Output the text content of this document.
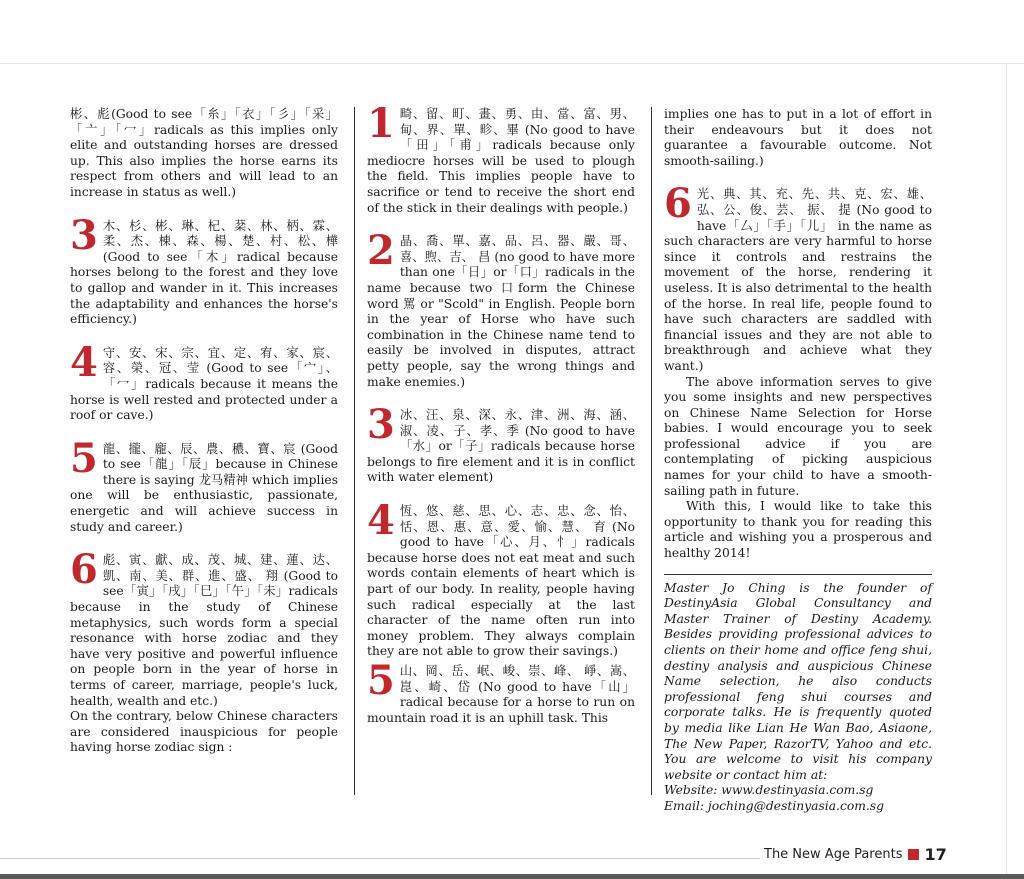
彬、彪(Good to see「糸」「衣」「彡」「采」「亠」「冖」radicals as this implies only elite and outstanding horses are dressed up. This also implies the horse earns its respect from others and will lead to an increase in status as well.)

3 木、杉、彬、琳、杞、棻、林、柄、霖、柔、杰、棟、森、楊、楚、村、松、樺 (Good to see「木」radical because horses belong to the forest and they love to gallop and wander in it. This increases the adaptability and enhances the horse's efficiency.)

4 守、安、宋、宗、宜、定、宥、家、宸、容、榮、冠、莹 (Good to see「宀」、「冖」radicals because it means the horse is well rested and protected under a roof or cave.)

5 龍、攏、龐、辰、農、穠、寶、宸 (Good to see「龍」「辰」because in Chinese there is saying 龙马精神 which implies one will be enthusiastic, passionate, energetic and will achieve success in study and career.)

6 彪、寅、獻、成、茂、城、建、蓮、达、凱、南、美、群、進、盛、 翔 (Good to see「寅」「戌」「巳」「午」「未」radicals because in the study of Chinese metaphysics, such words form a special resonance with horse zodiac and they have very positive and powerful influence on people born in the year of horse in terms of career, marriage, people's luck, health, wealth and etc.)

On the contrary, below Chinese characters are considered inauspicious for people having horse zodiac sign :

1 畸、留、町、畫、勇、由、當、富、男、甸、界、單、畛、畢 (No good to have「田」「甫」radicals because only mediocre horses will be used to plough the field. This implies people have to sacrifice or tend to receive the short end of the stick in their dealings with people.)

2 晶、喬、單、嘉、品、呂、器、嚴、哥、喜、煦、吉、 昌 (no good to have more than one「日」or「口」radicals in the name because two 口form the Chinese word 罵 or "Scold" in English. People born in the year of Horse who have such combination in the Chinese name tend to easily be involved in disputes, attract petty people, say the wrong things and make enemies.)

3 冰、汪、泉、深、永、津、洲、海、涵、淑、凌、子、孝、季 (No good to have「水」or「子」radicals because horse belongs to fire element and it is in conflict with water element)

4 恆、悠、慈、思、心、志、忠、念、怡、恬、恩、惠、意、愛、愉、慧、 育 (No good to have「心、月、忄」radicals because horse does not eat meat and such words contain elements of heart which is part of our body. In reality, people having such radical especially at the last character of the name often run into money problem. They always complain they are not able to grow their savings.)

5 山、岡、岳、岷、峻、崇、峰、 崢、嵩、崑、崎、岱 (No good to have「山」radical because for a horse to run on mountain road it is an uphill task. This

implies one has to put in a lot of effort in their endeavours but it does not guarantee a favourable outcome. Not smooth-sailing.)

6 光、典、其、充、先、共、克、宏、雄、弘、公、俊、芸、 振、 提 (No good to have「厶」「手」「儿」 in the name as such characters are very harmful to horse since it controls and restrains the movement of the horse, rendering it useless. It is also detrimental to the health of the horse. In real life, people found to have such characters are saddled with financial issues and they are not able to breakthrough and achieve what they want.)

The above information serves to give you some insights and new perspectives on Chinese Name Selection for Horse babies. I would encourage you to seek professional advice if you are contemplating of picking auspicious names for your child to have a smooth-sailing path in future.

With this, I would like to take this opportunity to thank you for reading this article and wishing you a prosperous and healthy 2014!

Master Jo Ching is the founder of DestinyAsia Global Consultancy and Master Trainer of Destiny Academy. Besides providing professional advices to clients on their home and office feng shui, destiny analysis and auspicious Chinese Name selection, he also conducts professional feng shui courses and corporate talks. He is frequently quoted by media like Lian He Wan Bao, Asiaone, The New Paper, RazorTV, Yahoo and etc. You are welcome to visit his company website or contact him at:

Website: www.destinyasia.com.sg

Email: joching@destinyasia.com.sg

The New Age Parents 17
